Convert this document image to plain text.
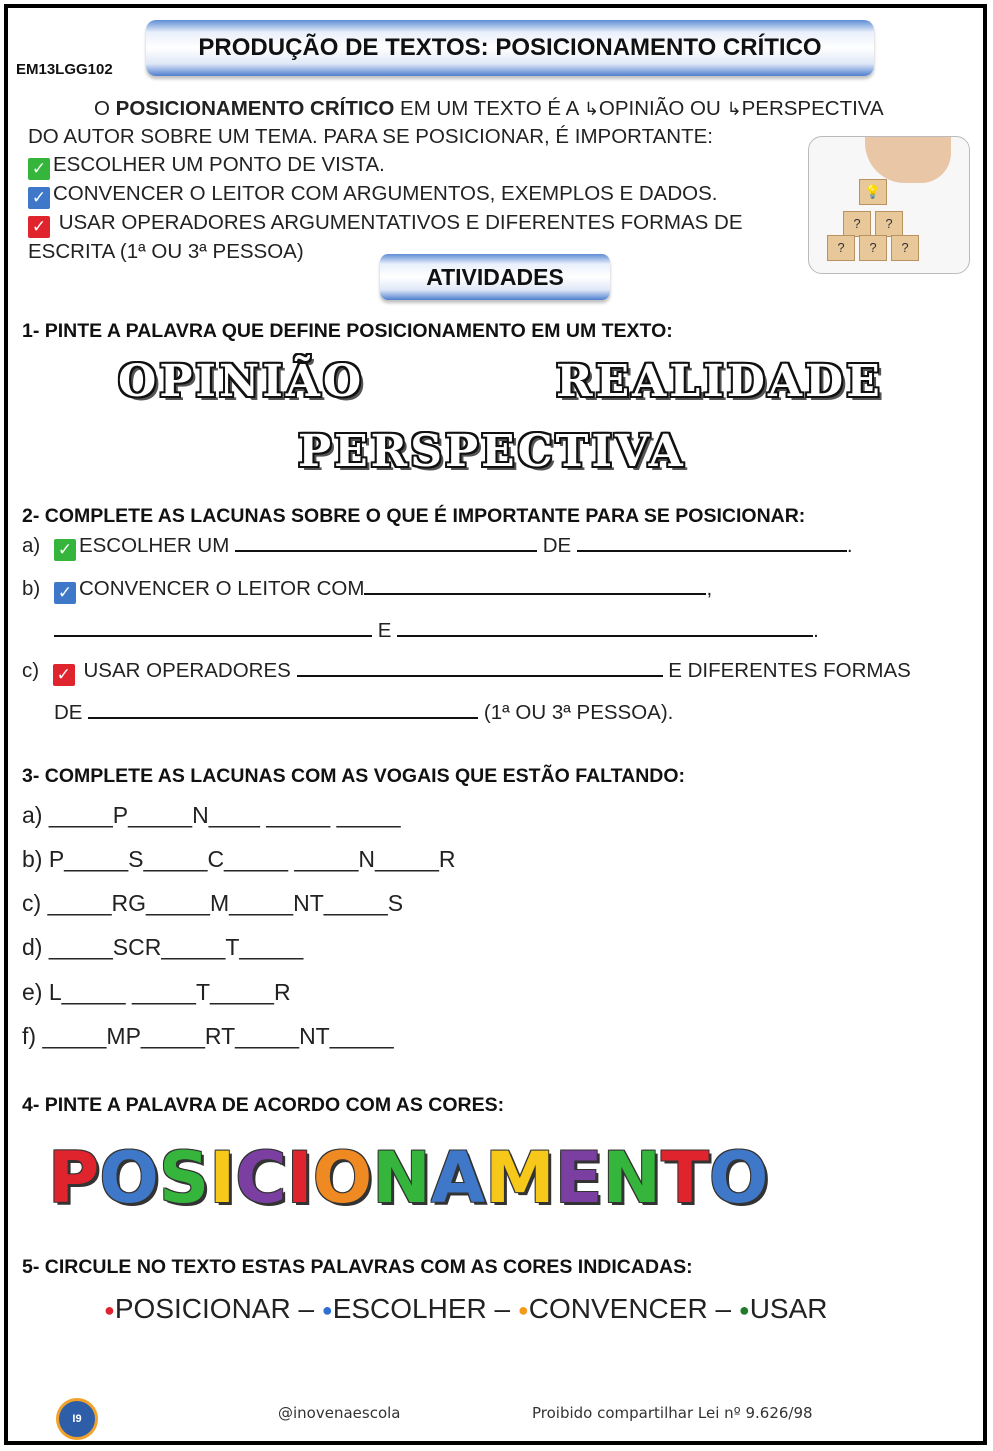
PRODUÇÃO DE TEXTOS: POSICIONAMENTO CRÍTICO
EM13LGG102
O POSICIONAMENTO CRÍTICO EM UM TEXTO É A ↳OPINIÃO OU ↳PERSPECTIVA
DO AUTOR SOBRE UM TEMA. PARA SE POSICIONAR, É IMPORTANTE:
✓ ESCOLHER UM PONTO DE VISTA.
✓ CONVENCER O LEITOR COM ARGUMENTOS, EXEMPLOS E DADOS.
✓ USAR OPERADORES ARGUMENTATIVOS E DIFERENTES FORMAS DE
ESCRITA (1ª OU 3ª PESSOA)
💡
?	?
?	?	?
ATIVIDADES
1- PINTE A PALAVRA QUE DEFINE POSICIONAMENTO EM UM TEXTO:
OPINIÃO	REALIDADE
PERSPECTIVA
2- COMPLETE AS LACUNAS SOBRE O QUE É IMPORTANTE PARA SE POSICIONAR:
a) ✓ ESCOLHER UM	DE	.
b) ✓ CONVENCER O LEITOR COM	,
E	.
c) ✓ USAR OPERADORES	E DIFERENTES FORMAS
DE	(1ª OU 3ª PESSOA).
3- COMPLETE AS LACUNAS COM AS VOGAIS QUE ESTÃO FALTANDO:
a) _____P_____N____ _____ _____
b) P_____S_____C_____ _____N_____R
c) _____RG_____M_____NT_____S
d) _____SCR_____T_____
e) L_____ _____T_____R
f) _____MP_____RT_____NT_____
4- PINTE A PALAVRA DE ACORDO COM AS CORES:
POSICIONAMENTO
5- CIRCULE NO TEXTO ESTAS PALAVRAS COM AS CORES INDICADAS:
●POSICIONAR – ●ESCOLHER – ●CONVENCER – ●USAR
I9	@inovenaescola	Proibido compartilhar Lei nº 9.626/98
